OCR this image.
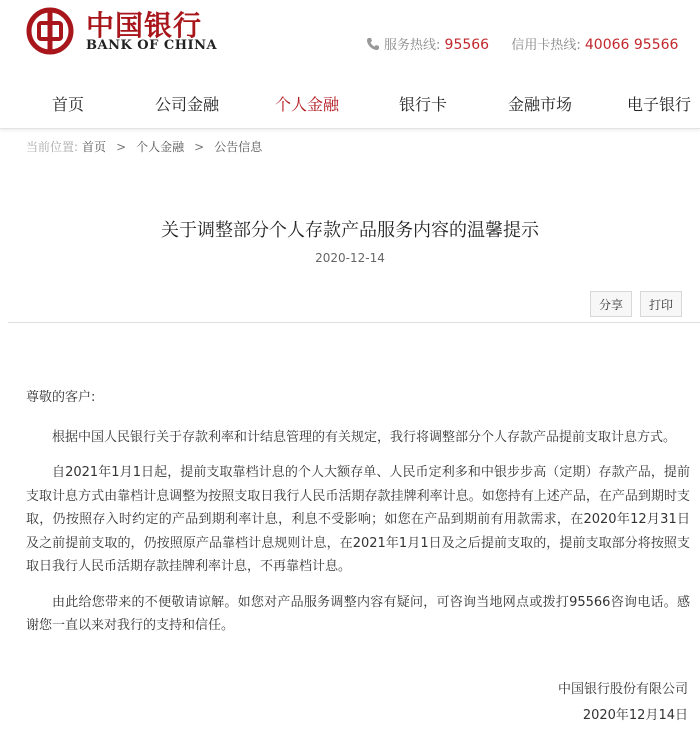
中国银行
BANK OF CHINA	服务热线: 95566 信用卡热线: 40066 95566
首页	公司金融	个人金融	银行卡	金融市场	电子银行
当前位置: 首页 > 个人金融 > 公告信息
关于调整部分个人存款产品服务内容的温馨提示
2020-12-14
分享	打印

尊敬的客户:

根据中国人民银行关于存款利率和计结息管理的有关规定，我行将调整部分个人存款产品提前支取计息方式。

自2021年1月1日起，提前支取靠档计息的个人大额存单、人民币定利多和中银步步高（定期）存款产品，提前支取计息方式由靠档计息调整为按照支取日我行人民币活期存款挂牌利率计息。如您持有上述产品，在产品到期时支取，仍按照存入时约定的产品到期利率计息，利息不受影响；如您在产品到期前有用款需求，在2020年12月31日及之前提前支取的，仍按照原产品靠档计息规则计息，在2021年1月1日及之后提前支取的，提前支取部分将按照支取日我行人民币活期存款挂牌利率计息，不再靠档计息。

由此给您带来的不便敬请谅解。如您对产品服务调整内容有疑问，可咨询当地网点或拨打95566咨询电话。感谢您一直以来对我行的支持和信任。

中国银行股份有限公司
2020年12月14日
